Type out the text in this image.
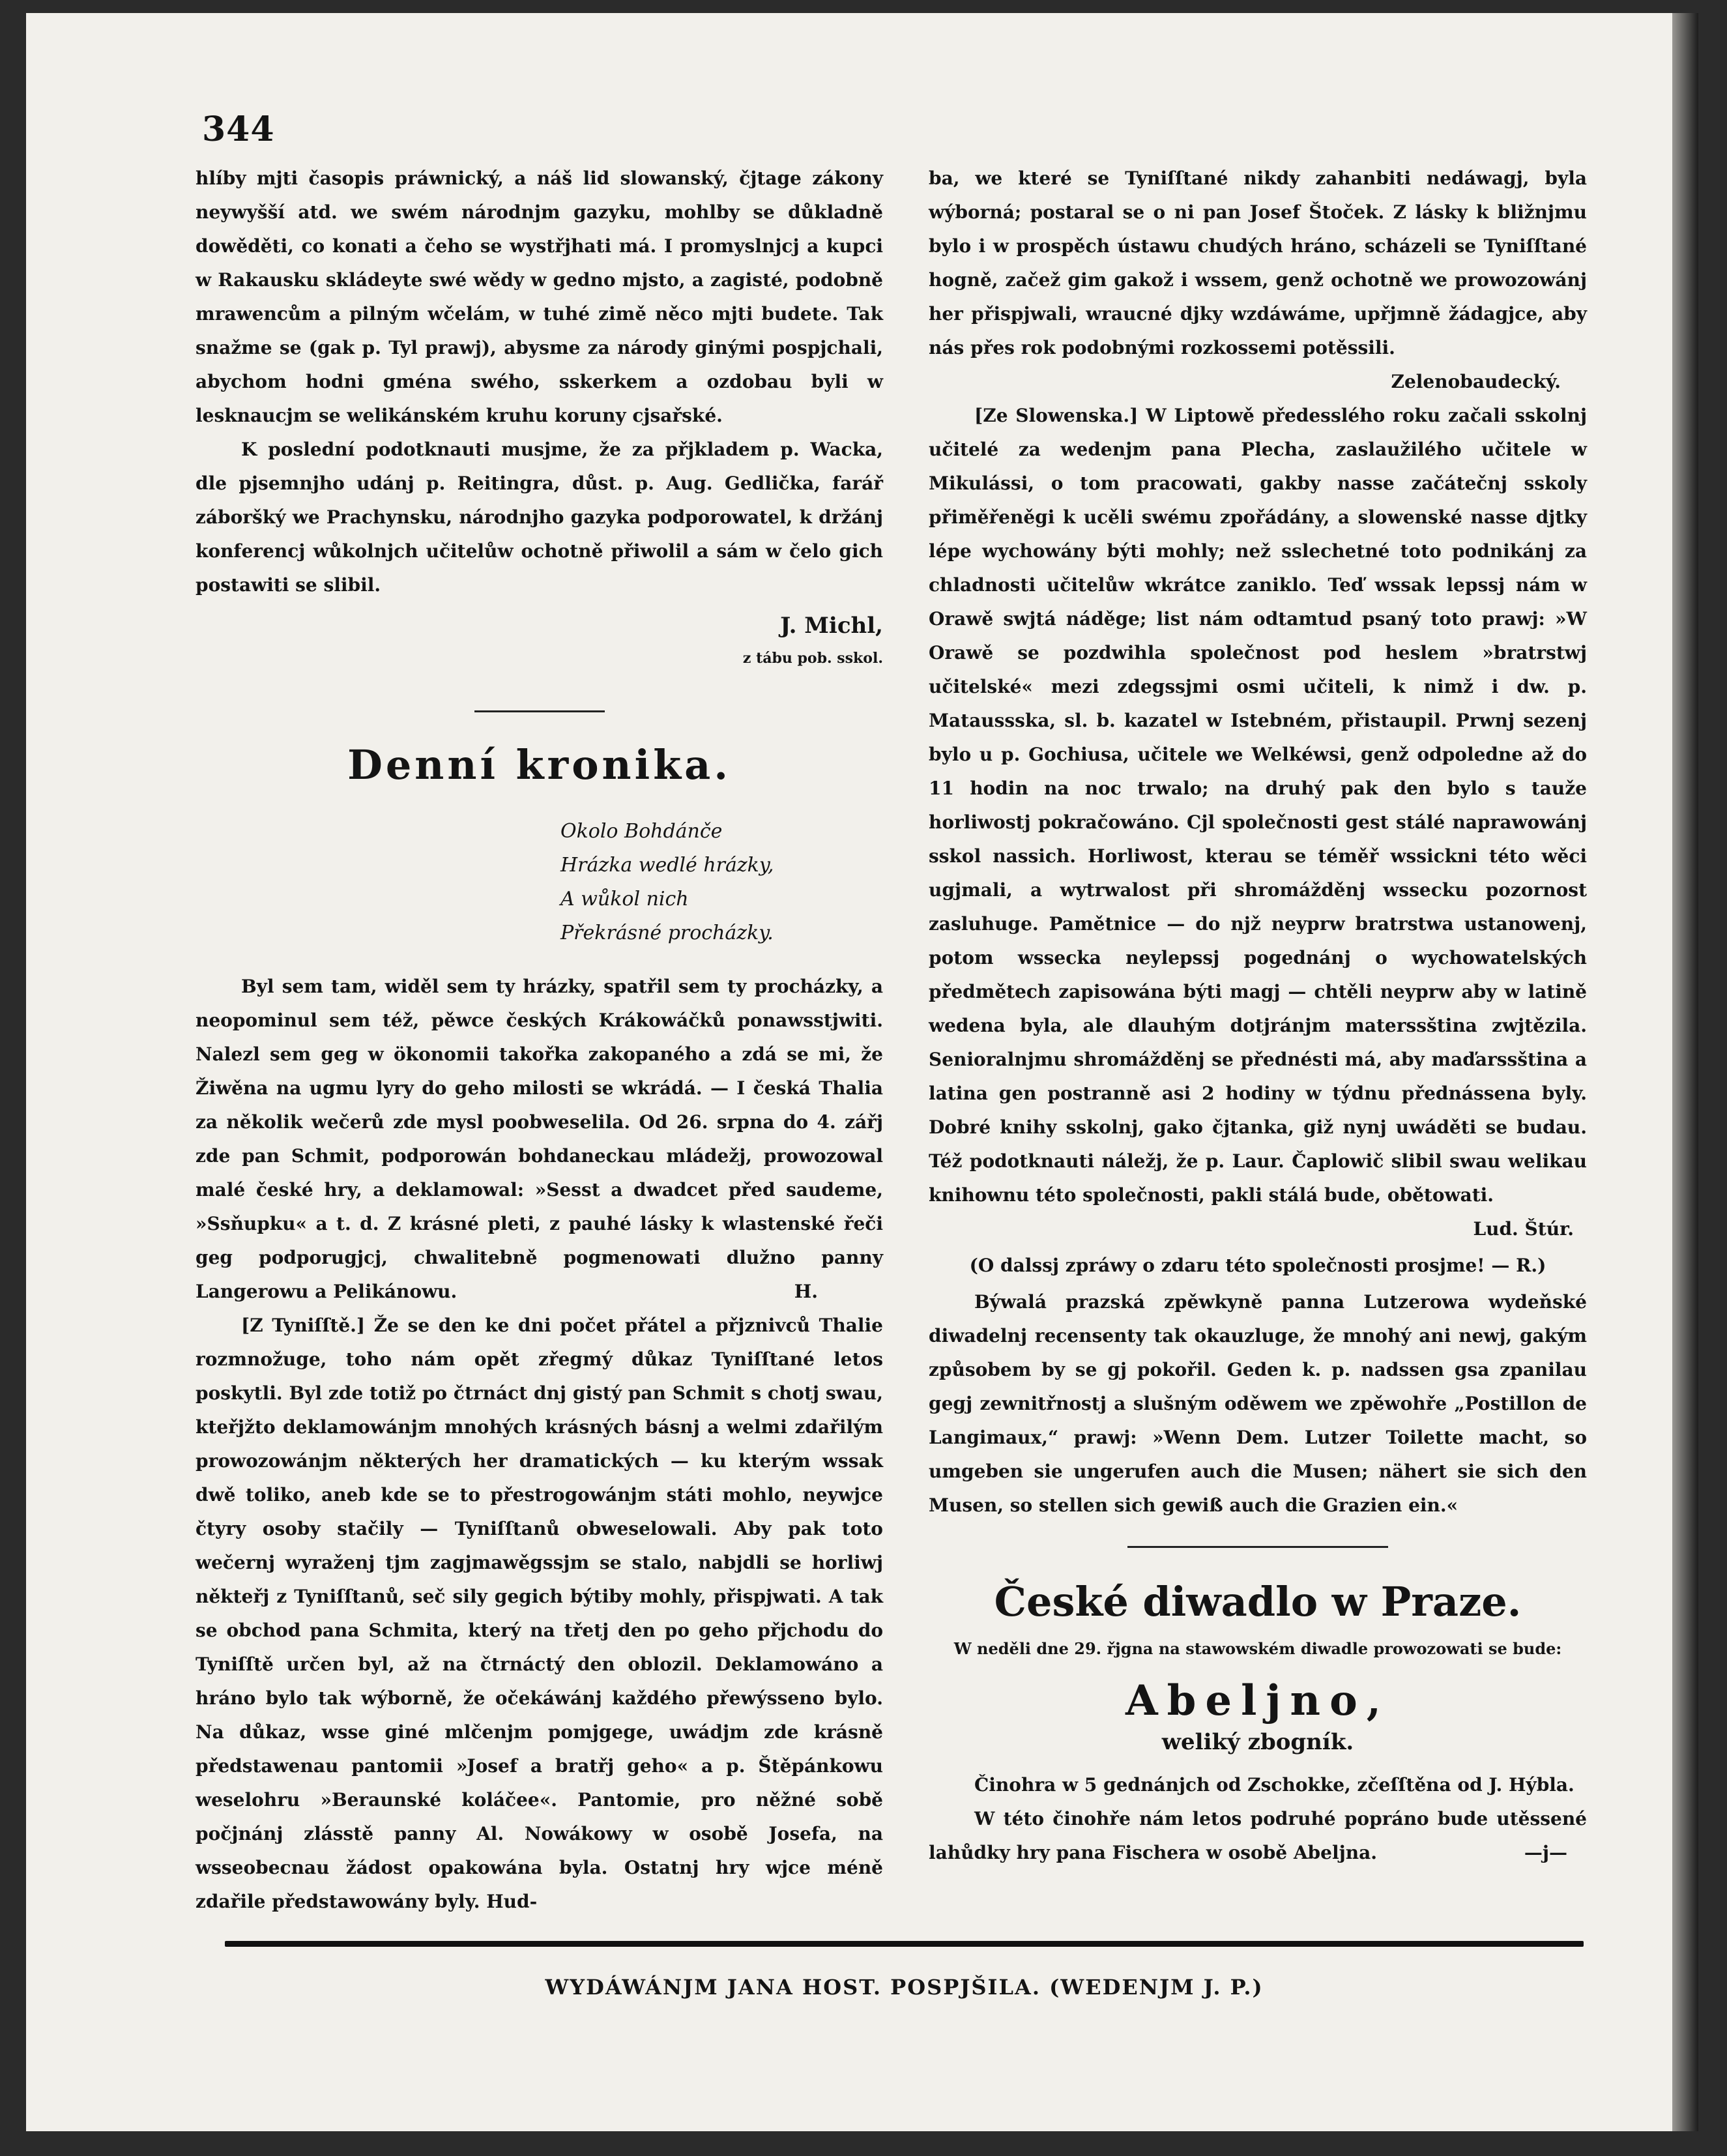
344

hlíby mjti časopis práwnický, a náš lid slowanský, čjtage zákony neywyšší atd. we swém národnjm gazyku, mohlby se důkladně dowěděti, co konati a čeho se wystřjhati má. I promyslnjcj a kupci w Rakausku skládeyte swé wědy w gedno mjsto, a zagisté, podobně mrawencům a pilným wčelám, w tuhé zimě něco mjti budete. Tak snažme se (gak p. Tyl prawj), abysme za národy ginými pospjchali, abychom hodni gména swého, sskerkem a ozdobau byli w lesknaucjm se welikánském kruhu koruny cjsařské.

K poslední podotknauti musjme, že za přjkladem p. Wacka, dle pjsemnjho udánj p. Reitingra, důst. p. Aug. Gedlička, farář záboršký we Prachynsku, národnjho gazyka podporowatel, k držánj konferencj wůkolnjch učitelůw ochotně přiwolil a sám w čelo gich postawiti se slibil.

J. Michl,
z tábu pob. sskol.
Denní kronika.
Okolo Bohdánče
Hrázka wedlé hrázky,
A wůkol nich
Překrásné procházky.

Byl sem tam, widěl sem ty hrázky, spatřil sem ty procházky, a neopominul sem též, pěwce českých Krákowáčků ponawsstjwiti. Nalezl sem geg w ökonomii takořka zakopaného a zdá se mi, že Žiwěna na ugmu lyry do geho milosti se wkrádá. — I česká Thalia za několik wečerů zde mysl poobweselila. Od 26. srpna do 4. zářj zde pan Schmit, podporowán bohdaneckau mládežj, prowozowal malé české hry, a deklamowal: »Sesst a dwadcet před saudeme, »Ssňupku« a t. d. Z krásné pleti, z pauhé lásky k wlastenské řeči geg podporugjcj, chwalitebně pogmenowati dlužno panny Langerowu a Pelikánowu.	H.

[Z Tyniſſtě.] Že se den ke dni počet přátel a přjznivců Thalie rozmnožuge, toho nám opět zřegmý důkaz Tyniſſtané letos poskytli. Byl zde totiž po čtrnáct dnj gistý pan Schmit s chotj swau, kteřjžto deklamowánjm mnohých krásných básnj a welmi zdařilým prowozowánjm některých her dramatických — ku kterým wssak dwě toliko, aneb kde se to přestrogowánjm státi mohlo, neywjce čtyry osoby stačily — Tyniſſtanů obweselowali. Aby pak toto wečernj wyraženj tjm zagjmawěgssjm se stalo, nabjdli se horliwj někteřj z Tyniſſtanů, seč sily gegich býtiby mohly, přispjwati. A tak se obchod pana Schmita, který na třetj den po geho přjchodu do Tyniſſtě určen byl, až na čtrnáctý den oblozil. Deklamowáno a hráno bylo tak wýborně, že očekáwánj každého přewýsseno bylo. Na důkaz, wsse giné mlčenjm pomjgege, uwádjm zde krásně předstawenau pantomii »Josef a bratřj geho« a p. Štěpánkowu weselohru »Beraunské koláčee«. Pantomie, pro něžné sobě počjnánj zlásstě panny Al. Nowákowy w osobě Josefa, na wsseobecnau žádost opakowána byla. Ostatnj hry wjce méně zdařile předstawowány byly. Hud-

ba, we které se Tyniſſtané nikdy zahanbiti nedáwagj, byla wýborná; postaral se o ni pan Josef Štoček. Z lásky k bližnjmu bylo i w prospěch ústawu chudých hráno, scházeli se Tyniſſtané hogně, začež gim gakož i wssem, genž ochotně we prowozowánj her přispjwali, wraucné djky wzdáwáme, upřjmně žádagjce, aby nás přes rok podobnými rozkossemi potěssili.

Zelenobaudecký.

[Ze Slowenska.] W Liptowě předesslého roku začali sskolnj učitelé za wedenjm pana Plecha, zaslaužilého učitele w Mikulássi, o tom pracowati, gakby nasse začátečnj sskoly přiměřeněgi k ucěli swému zpořádány, a slowenské nasse djtky lépe wychowány býti mohly; než sslechetné toto podnikánj za chladnosti učitelůw wkrátce zaniklo. Teď wssak lepssj nám w Orawě swjtá náděge; list nám odtamtud psaný toto prawj: »W Orawě se pozdwihla společnost pod heslem »bratrstwj učitelské« mezi zdegssjmi osmi učiteli, k nimž i dw. p. Mataussska, sl. b. kazatel w Istebném, přistaupil. Prwnj sezenj bylo u p. Gochiusa, učitele we Welkéwsi, genž odpoledne až do 11 hodin na noc trwalo; na druhý pak den bylo s tauže horliwostj pokračowáno. Cjl společnosti gest stálé naprawowánj sskol nassich. Horliwost, kterau se téměř wssickni této wěci ugjmali, a wytrwalost při shromážděnj wssecku pozornost zasluhuge. Pamětnice — do njž neyprw bratrstwa ustanowenj, potom wssecka neylepssj pogednánj o wychowatelských předmětech zapisowána býti magj — chtěli neyprw aby w latině wedena byla, ale dlauhým dotjránjm materssština zwjtězila. Senioralnjmu shromážděnj se přednésti má, aby maďarssština a latina gen postranně asi 2 hodiny w týdnu přednássena byly. Dobré knihy sskolnj, gako čjtanka, giž nynj uwáděti se budau. Též podotknauti náležj, že p. Laur. Čaplowič slibil swau welikau knihownu této společnosti, pakli stálá bude, obětowati.

Lud. Štúr.
(O dalssj zpráwy o zdaru této společnosti prosjme! — R.)

Býwalá prazská zpěwkyně panna Lutzerowa wydeňské diwadelnj recensenty tak okauzluge, že mnohý ani newj, gakým způsobem by se gj pokořil. Geden k. p. nadssen gsa zpanilau gegj zewnitřnostj a slušným oděwem we zpěwohře „Postillon de Langimaux,“ prawj: »Wenn Dem. Lutzer Toilette macht, so umgeben sie ungerufen auch die Musen; nähert sie sich den Musen, so stellen sich gewiß auch die Grazien ein.«

České diwadlo w Praze.
W neděli dne 29. řjgna na stawowském diwadle prowozowati se bude:
Abeljno,
weliký zbogník.

Činohra w 5 gednánjch od Zschokke, zčeſſtěna od J. Hýbla.

W této činohře nám letos podruhé popráno bude utěssené lahůdky hry pana Fischera w osobě Abeljna.	—j—

WYDÁWÁNJM JANA HOST. POSPJŠILA. (WEDENJM J. P.)
